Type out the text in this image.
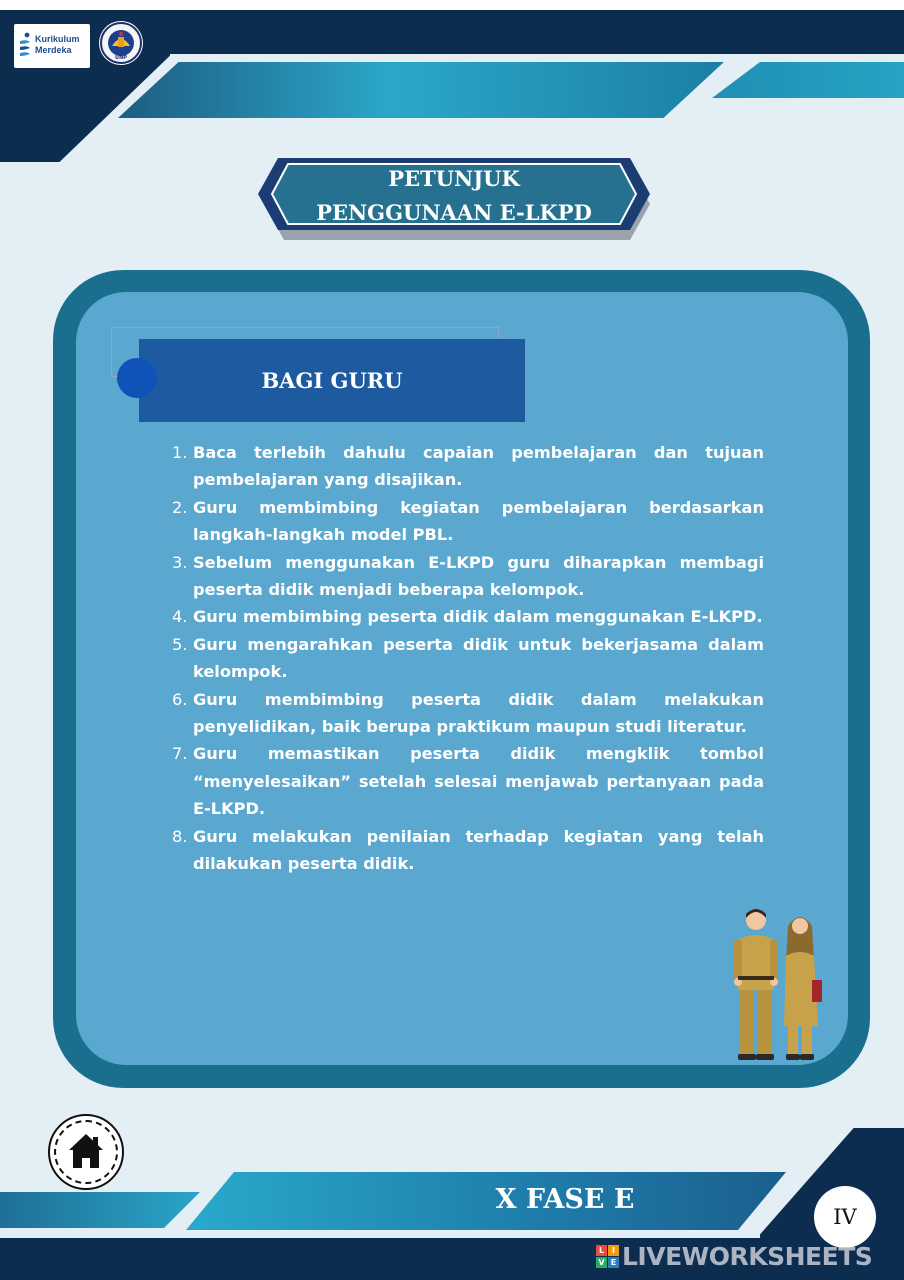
Kurikulum
Merdeka
UNP
PETUNJUK
PENGGUNAAN E-LKPD
BAGI GURU
1. Baca terlebih dahulu capaian pembelajaran dan tujuan pembelajaran yang disajikan.
2. Guru membimbing kegiatan pembelajaran berdasarkan langkah-langkah model PBL.
3. Sebelum menggunakan E-LKPD guru diharapkan membagi peserta didik menjadi beberapa kelompok.
4. Guru membimbing peserta didik dalam menggunakan E-LKPD.
5. Guru mengarahkan peserta didik untuk bekerjasama dalam kelompok.
6. Guru membimbing peserta didik dalam melakukan penyelidikan, baik berupa praktikum maupun studi literatur.
7. Guru memastikan peserta didik mengklik tombol “menyelesaikan” setelah selesai menjawab pertanyaan pada E-LKPD.
8. Guru melakukan penilaian terhadap kegiatan yang telah dilakukan peserta didik.
X FASE E
IV
L I
V E LIVEWORKSHEETS
